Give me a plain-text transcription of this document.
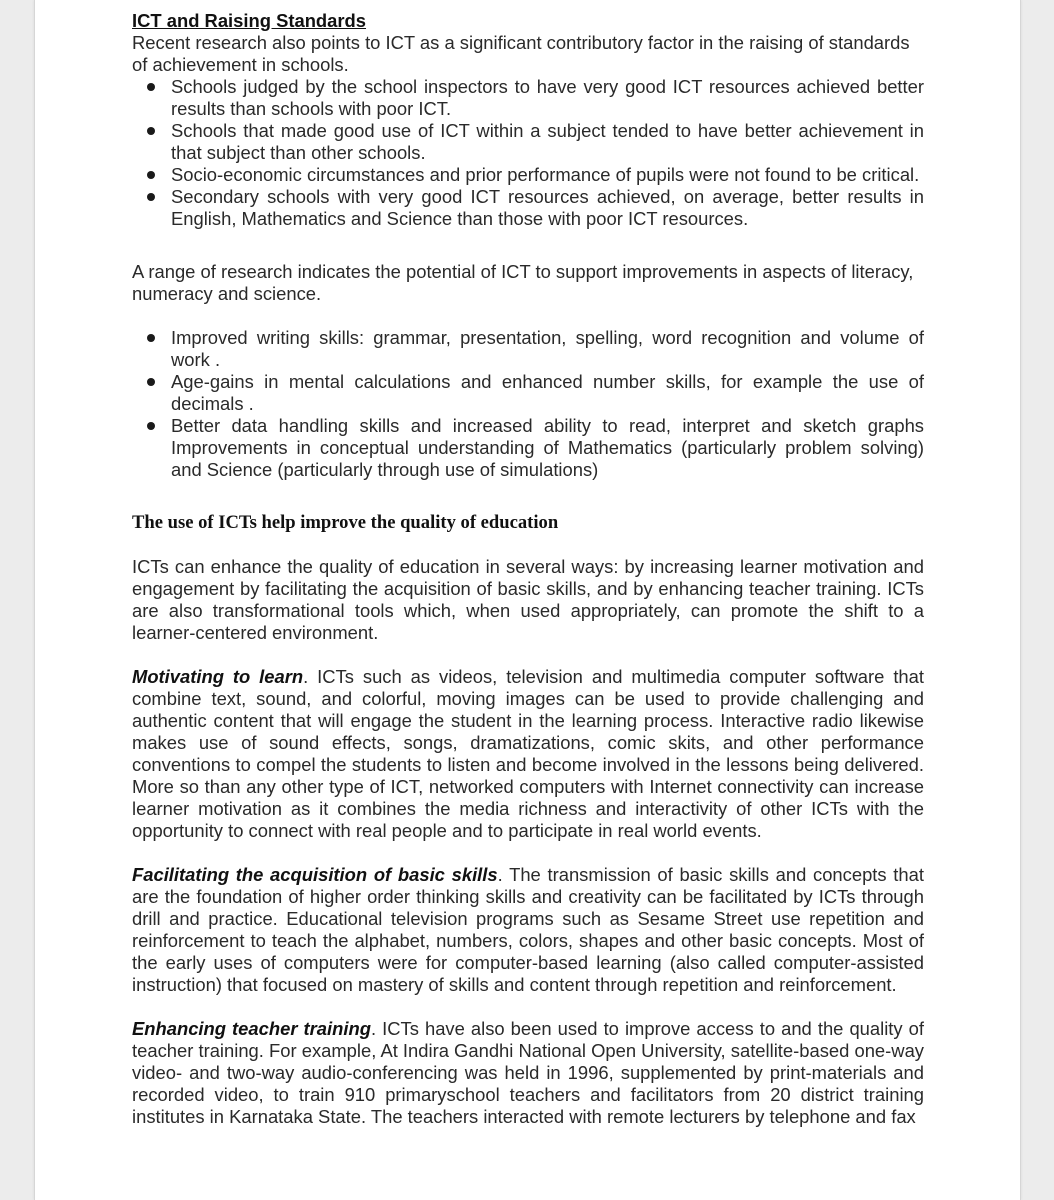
ICT and Raising Standards

Recent research also points to ICT as a significant contributory factor in the raising of standards of achievement in schools.

Schools judged by the school inspectors to have very good ICT resources achieved better results than schools with poor ICT.
Schools that made good use of ICT within a subject tended to have better achievement in that subject than other schools.
Socio-economic circumstances and prior performance of pupils were not found to be critical.
Secondary schools with very good ICT resources achieved, on average, better results in English, Mathematics and Science than those with poor ICT resources.

A range of research indicates the potential of ICT to support improvements in aspects of literacy, numeracy and science.

Improved writing skills: grammar, presentation, spelling, word recognition and volume of work .
Age-gains in mental calculations and enhanced number skills, for example the use of decimals .
Better data handling skills and increased ability to read, interpret and sketch graphs Improvements in conceptual understanding of Mathematics (particularly problem solving) and Science (particularly through use of simulations)

The use of ICTs help improve the quality of education

ICTs can enhance the quality of education in several ways: by increasing learner motivation and engagement by facilitating the acquisition of basic skills, and by enhancing teacher training. ICTs are also transformational tools which, when used appropriately, can promote the shift to a learner-centered environment.

Motivating to learn. ICTs such as videos, television and multimedia computer software that combine text, sound, and colorful, moving images can be used to provide challenging and authentic content that will engage the student in the learning process. Interactive radio likewise makes use of sound effects, songs, dramatizations, comic skits, and other performance conventions to compel the students to listen and become involved in the lessons being delivered. More so than any other type of ICT, networked computers with Internet connectivity can increase learner motivation as it combines the media richness and interactivity of other ICTs with the opportunity to connect with real people and to participate in real world events.

Facilitating the acquisition of basic skills. The transmission of basic skills and concepts that are the foundation of higher order thinking skills and creativity can be facilitated by ICTs through drill and practice. Educational television programs such as Sesame Street use repetition and reinforcement to teach the alphabet, numbers, colors, shapes and other basic concepts. Most of the early uses of computers were for computer-based learning (also called computer-assisted instruction) that focused on mastery of skills and content through repetition and reinforcement.

Enhancing teacher training. ICTs have also been used to improve access to and the quality of teacher training. For example, At Indira Gandhi National Open University, satellite-based one-way video- and two-way audio-conferencing was held in 1996, supplemented by print-materials and recorded video, to train 910 primaryschool teachers and facilitators from 20 district training institutes in Karnataka State. The teachers interacted with remote lecturers by telephone and fax
